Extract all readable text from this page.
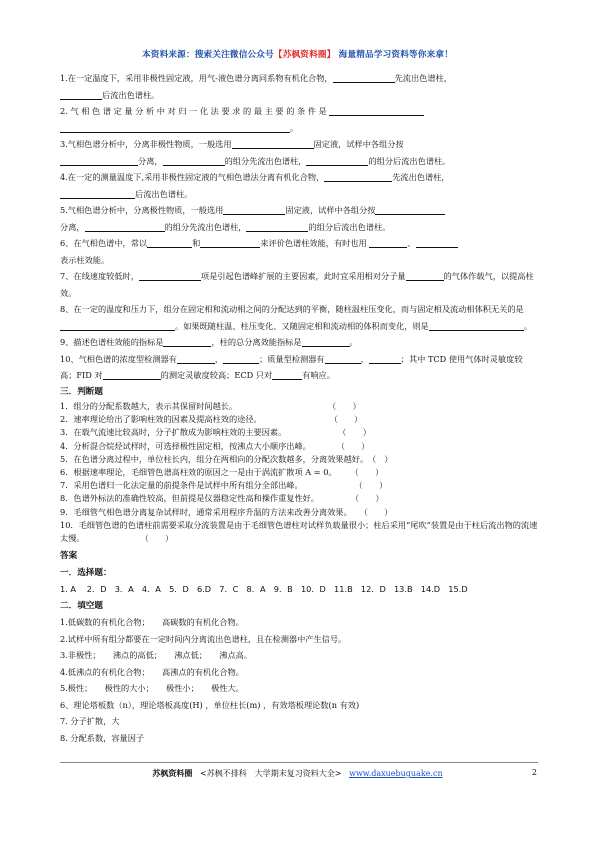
本资料来源：搜索关注微信公众号【苏枫资料圈】 海量精品学习资料等你来拿！

1.在一定温度下，采用非极性固定液，用气-液色谱分离同系物有机化合物，	先流出色谱柱，
后流出色谱柱。

2. 气 相 色 谱 定 量 分 析 中 对 归 一 化 法 要 求 的 最 主 要 的 条 件 是
。

3.气相色谱分析中，分离非极性物质，一般选用	固定液，试样中各组分按
分离，	的组分先流出色谱柱，	的组分后流出色谱柱。

4.在一定的测量温度下,采用非极性固定液的气相色谱法分离有机化合物，	先流出色谱柱，
后流出色谱柱。

5.气相色谱分析中，分离极性物质，一般选用	固定液，试样中各组分按
分离，	的组分先流出色谱柱，	的组分后流出色谱柱。

6、在气相色谱中，常以	和	来评价色谱柱效能，有时也用	、
表示柱效能。

7、在线速度较低时，	项是引起色谱峰扩展的主要因素，此时宜采用相对分子量	的气体作载气，以提高柱效。

8、在一定的温度和压力下，组分在固定相和流动相之间的分配达到的平衡，随柱温柱压变化，而与固定相及流动相体积无关的是。如果既随柱温、柱压变化、又随固定相和流动相的体积而变化，则是	。

9、描述色谱柱效能的指标是	，柱的总分离效能指标是	。

10、气相色谱的浓度型检测器有	，	；质量型检测器有	，	；其中 TCD 使用气体时灵敏度较高；FID 对	的测定灵敏度较高；ECD 只对	有响应。

三．判断题

1．组分的分配系数越大，表示其保留时间越长。	（　　）

2．速率理论给出了影响柱效的因素及提高柱效的途径。	（　　）

3．在载气流速比较高时，分子扩散成为影响柱效的主要因素。	（　　）

4．分析混合烷烃试样时，可选择极性固定相，按沸点大小顺序出峰。	（　　）

5．在色谱分离过程中，单位柱长内，组分在两相向的分配次数越多，分离效果越好。 （　）

6．根据速率理论，毛细管色谱高柱效的原因之一是由于涡流扩散项 A = 0。 （　　）

7．采用色谱归一化法定量的前提条件是试样中所有组分全部出峰。	（　　）

8．色谱外标法的准确性较高，但前提是仪器稳定性高和操作重复性好。	（　　）

9．毛细管气相色谱分离复杂试样时，通常采用程序升温的方法来改善分离效果。 （　　）

10．毛细管色谱的色谱柱前需要采取分流装置是由于毛细管色谱柱对试样负载量很小；柱后采用“尾吹”装置是由于柱后流出物的流速太慢。	（　　）

答案

一．选择题：

1. A　 2．D　3．A　4．A　5．D　6.D　7．C　8．A　9．B　10．D　11.B　12．D　13.B　14.D　15.D

二．填空题

1.低碳数的有机化合物；　　高碳数的有机化合物。

2.试样中所有组分都要在一定时间内分离流出色谱柱，且在检测器中产生信号。

3.非极性；　　沸点的高低；　　沸点低；　　沸点高。

4.低沸点的有机化合物；　　高沸点的有机化合物。

5.极性；　　极性的大小；　　极性小；　　极性大。

6、理论塔板数（n），理论塔板高度(H) ，单位柱长(m) ，有效塔板理论数(n 有效)

7. 分子扩散，大

8. 分配系数，容量因子

苏枫资料圈 <苏枫不排科　大学期末复习资料大全> www.daxuebuguake.cn	2
